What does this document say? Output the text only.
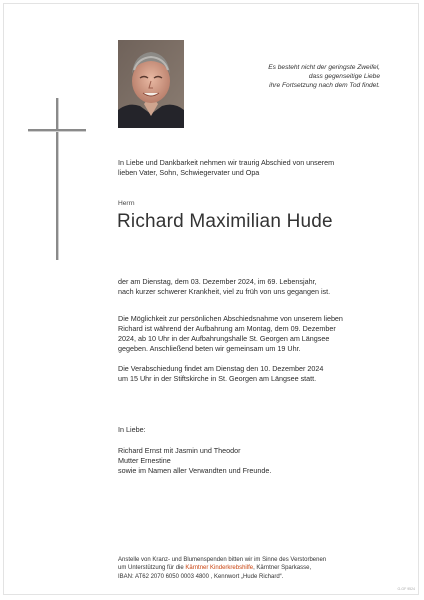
Es besteht nicht der geringste Zweifel,
dass gegenseitige Liebe
ihre Fortsetzung nach dem Tod findet.
In Liebe und Dankbarkeit nehmen wir traurig Abschied von unserem
lieben Vater, Sohn, Schwiegervater und Opa
Herrn
Richard Maximilian Hude
der am Dienstag, dem 03. Dezember 2024, im 69. Lebensjahr,
nach kurzer schwerer Krankheit, viel zu früh von uns gegangen ist.
Die Möglichkeit zur persönlichen Abschiedsnahme von unserem lieben
Richard ist während der Aufbahrung am Montag, dem 09. Dezember
2024, ab 10 Uhr in der Aufbahrungshalle St. Georgen am Längsee
gegeben. Anschließend beten wir gemeinsam um 19 Uhr.
Die Verabschiedung findet am Dienstag den 10. Dezember 2024
um 15 Uhr in der Stiftskirche in St. Georgen am Längsee statt.
In Liebe:
Richard Ernst mit Jasmin und Theodor
Mutter Ernestine
sowie im Namen aller Verwandten und Freunde.
Anstelle von Kranz- und Blumenspenden bitten wir im Sinne des Verstorbenen
um Unterstützung für die Kärntner Kinderkrebshilfe, Kärntner Sparkasse,
IBAN: AT62 2070 6050 0003 4800 , Kennwort „Hude Richard“.
G-GF 9524
